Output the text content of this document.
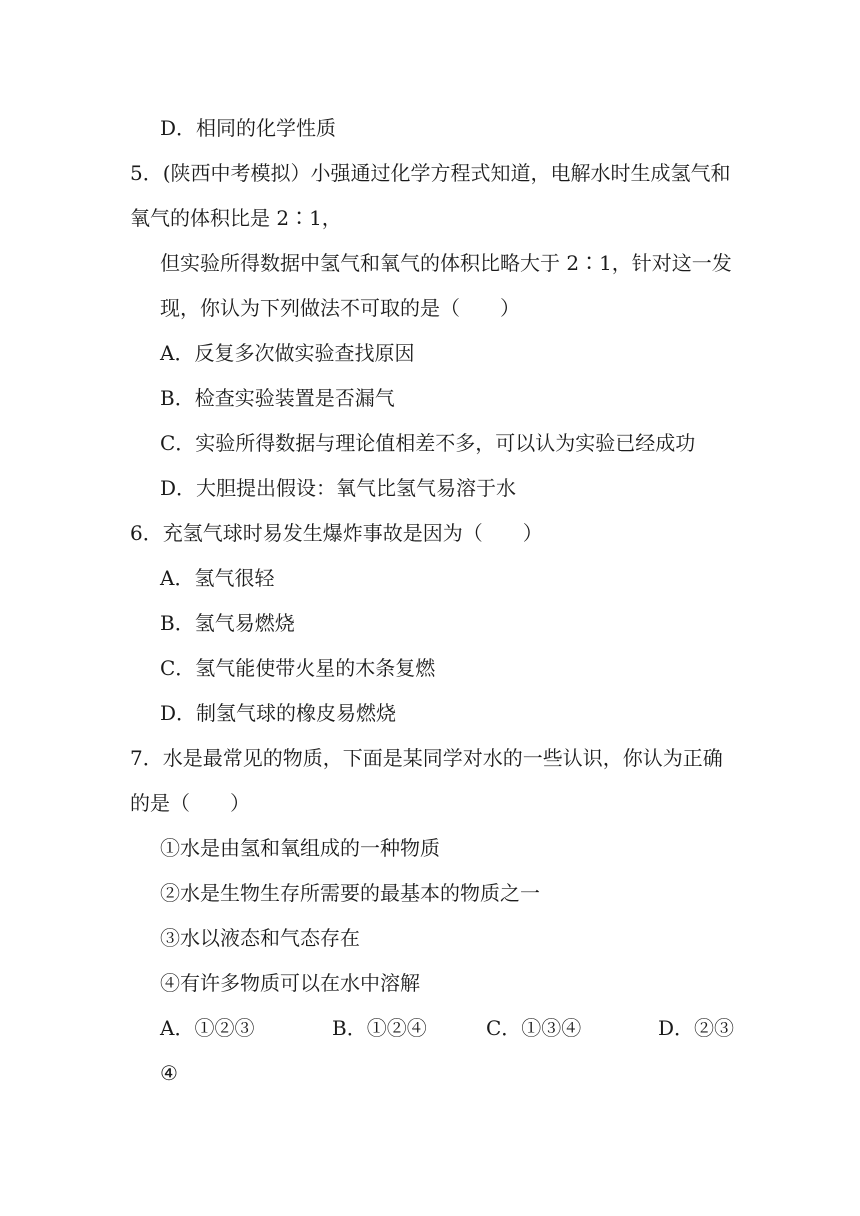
D．相同的化学性质
5．(陕西中考模拟）小强通过化学方程式知道，电解水时生成氢气和
氧气的体积比是 2∶1，
但实验所得数据中氢气和氧气的体积比略大于 2∶1，针对这一发
现，你认为下列做法不可取的是（　　）
A．反复多次做实验查找原因
B．检查实验装置是否漏气
C．实验所得数据与理论值相差不多，可以认为实验已经成功
D．大胆提出假设：氧气比氢气易溶于水
6．充氢气球时易发生爆炸事故是因为（　　）
A．氢气很轻
B．氢气易燃烧
C．氢气能使带火星的木条复燃
D．制氢气球的橡皮易燃烧
7．水是最常见的物质，下面是某同学对水的一些认识，你认为正确
的是（　　）
①水是由氢和氧组成的一种物质
②水是生物生存所需要的最基本的物质之一
③水以液态和气态存在
④有许多物质可以在水中溶解
A．①②③	B．①②④	C．①③④	D．②③
④
